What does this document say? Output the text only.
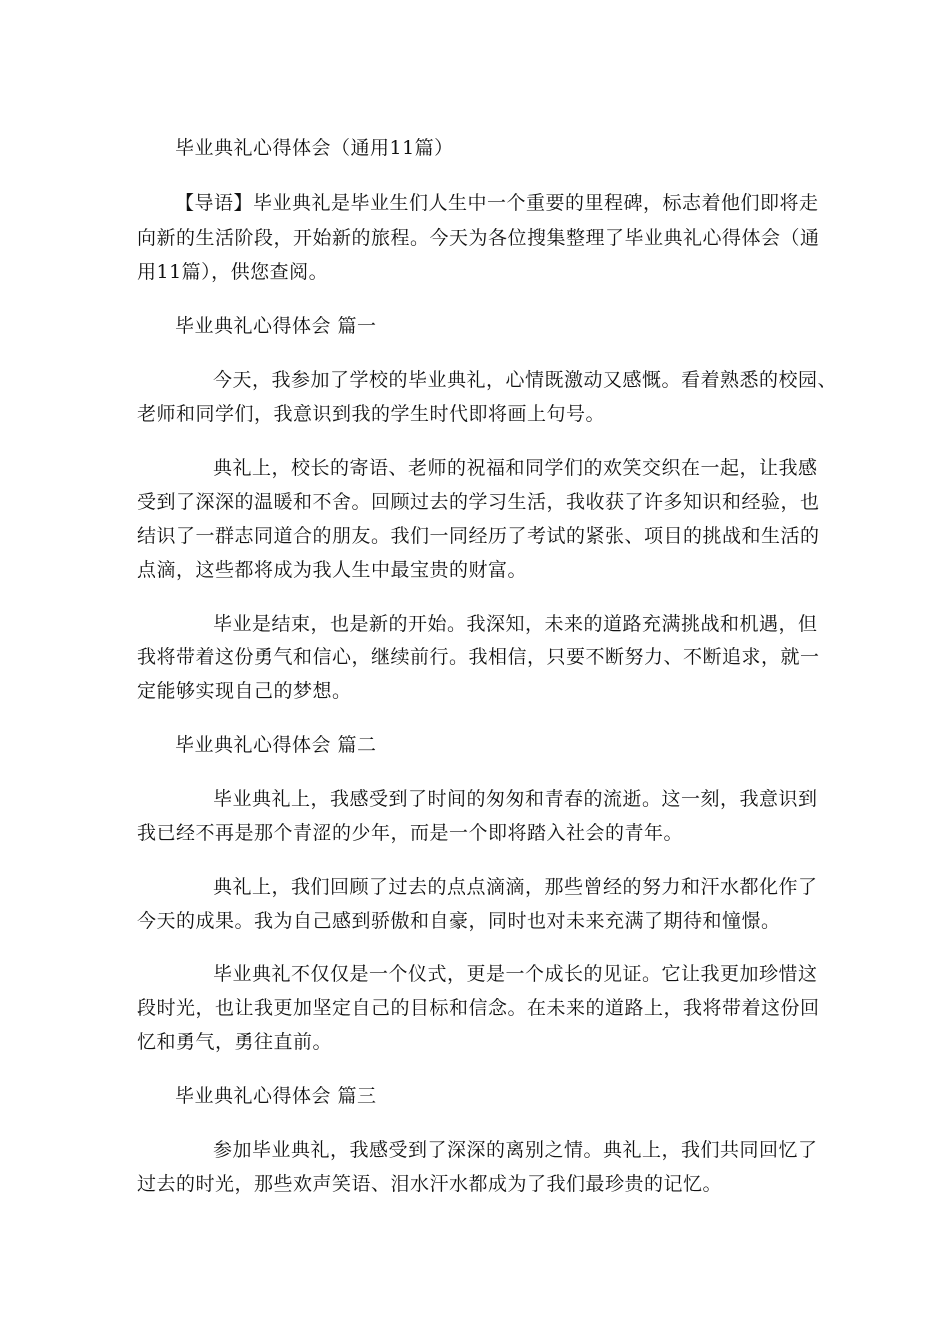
毕业典礼心得体会（通用11篇）
【导语】毕业典礼是毕业生们人生中一个重要的里程碑，标志着他们即将走
向新的生活阶段，开始新的旅程。今天为各位搜集整理了毕业典礼心得体会（通
用11篇），供您查阅。
毕业典礼心得体会 篇一
今天，我参加了学校的毕业典礼，心情既激动又感慨。看着熟悉的校园、
老师和同学们，我意识到我的学生时代即将画上句号。
典礼上，校长的寄语、老师的祝福和同学们的欢笑交织在一起，让我感
受到了深深的温暖和不舍。回顾过去的学习生活，我收获了许多知识和经验，也
结识了一群志同道合的朋友。我们一同经历了考试的紧张、项目的挑战和生活的
点滴，这些都将成为我人生中最宝贵的财富。
毕业是结束，也是新的开始。我深知，未来的道路充满挑战和机遇，但
我将带着这份勇气和信心，继续前行。我相信，只要不断努力、不断追求，就一
定能够实现自己的梦想。
毕业典礼心得体会 篇二
毕业典礼上，我感受到了时间的匆匆和青春的流逝。这一刻，我意识到
我已经不再是那个青涩的少年，而是一个即将踏入社会的青年。
典礼上，我们回顾了过去的点点滴滴，那些曾经的努力和汗水都化作了
今天的成果。我为自己感到骄傲和自豪，同时也对未来充满了期待和憧憬。
毕业典礼不仅仅是一个仪式，更是一个成长的见证。它让我更加珍惜这
段时光，也让我更加坚定自己的目标和信念。在未来的道路上，我将带着这份回
忆和勇气，勇往直前。
毕业典礼心得体会 篇三
参加毕业典礼，我感受到了深深的离别之情。典礼上，我们共同回忆了
过去的时光，那些欢声笑语、泪水汗水都成为了我们最珍贵的记忆。
